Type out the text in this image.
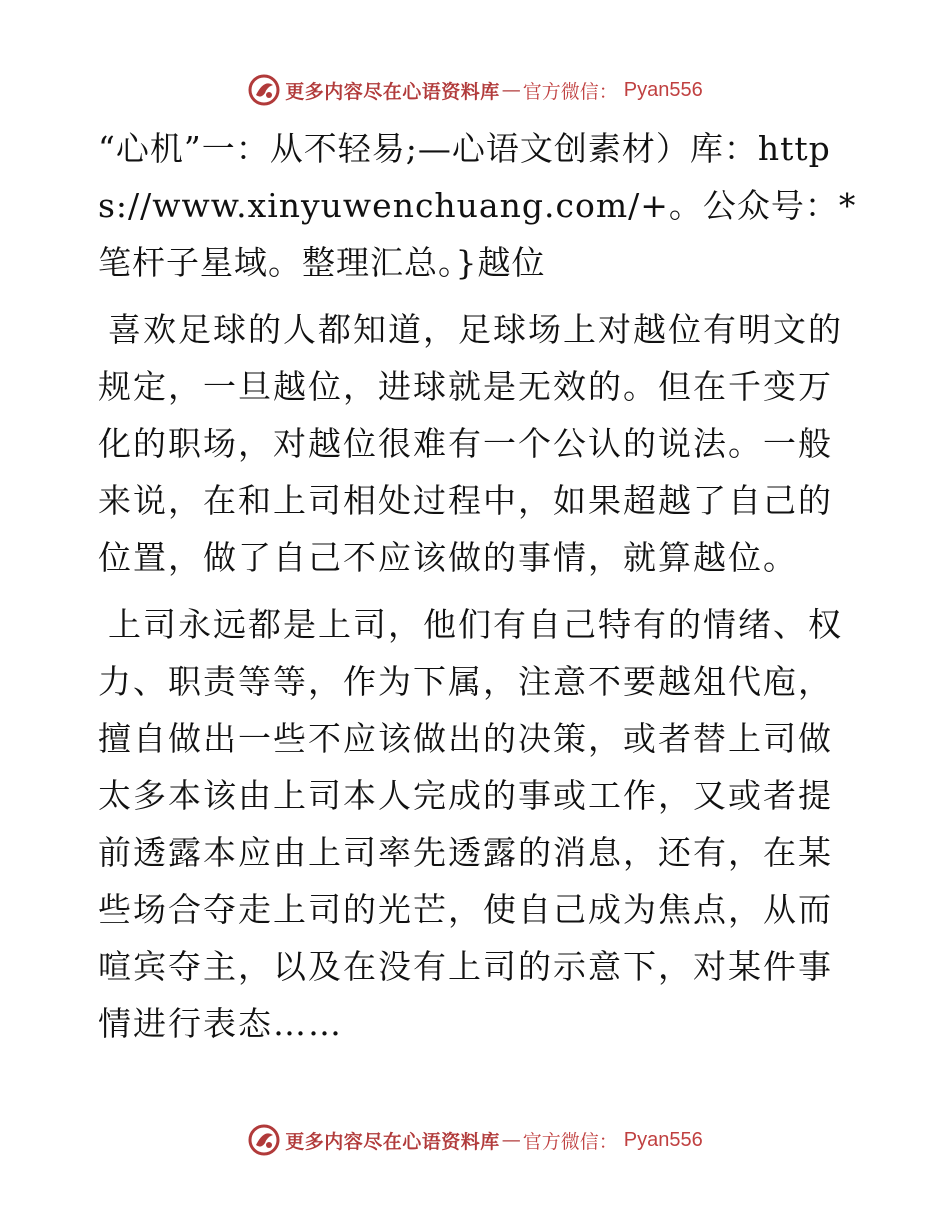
更多内容尽在心语资料库 — 官方微信： Pyan556

“心机”一：从不轻易;—心语文创素材）库：https://www.xinyuwenchuang.com/+。公众号：*笔杆子星域。整理汇总。}越位

喜欢足球的人都知道，足球场上对越位有明文的规定，一旦越位，进球就是无效的。但在千变万化的职场，对越位很难有一个公认的说法。一般来说，在和上司相处过程中，如果超越了自己的位置，做了自己不应该做的事情，就算越位。

上司永远都是上司，他们有自己特有的情绪、权力、职责等等，作为下属，注意不要越俎代庖，擅自做出一些不应该做出的决策，或者替上司做太多本该由上司本人完成的事或工作，又或者提前透露本应由上司率先透露的消息，还有，在某些场合夺走上司的光芒，使自己成为焦点，从而喧宾夺主，以及在没有上司的示意下，对某件事情进行表态……

更多内容尽在心语资料库 — 官方微信： Pyan556
